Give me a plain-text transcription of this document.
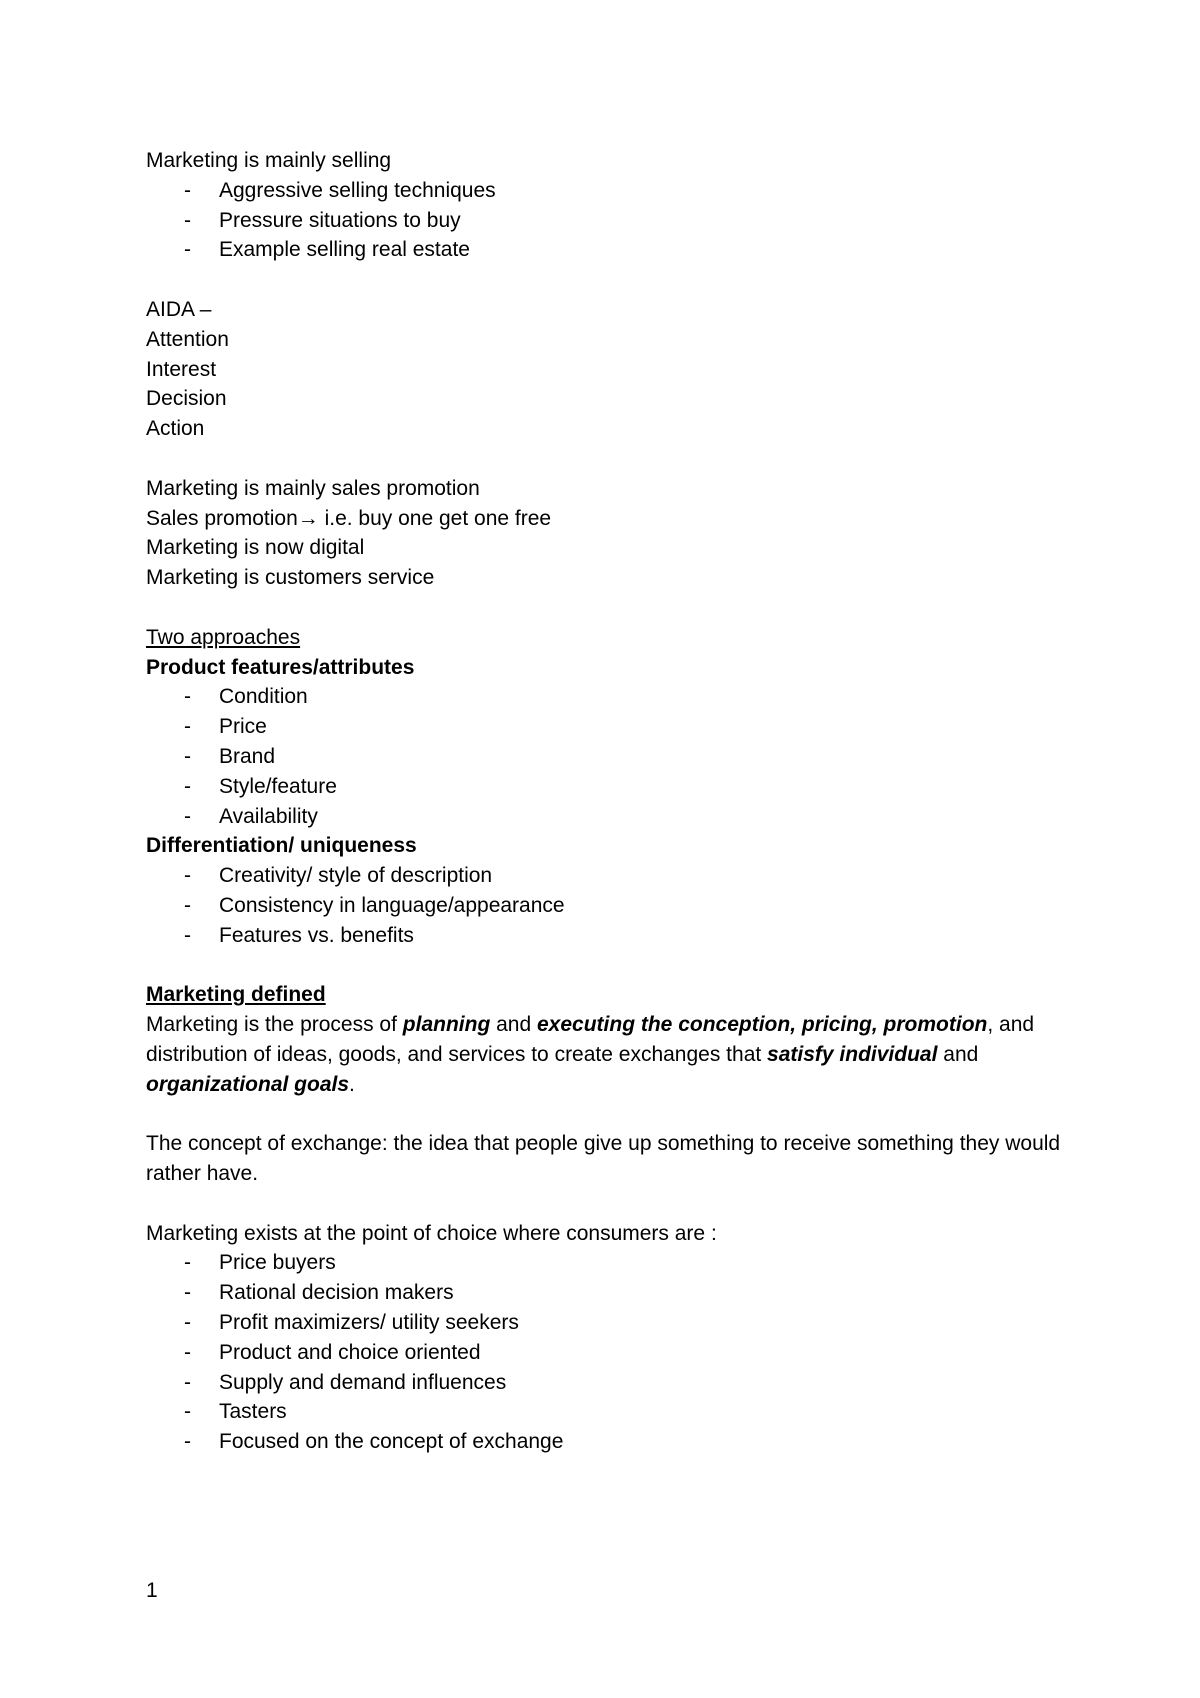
Marketing is mainly selling
- Aggressive selling techniques
- Pressure situations to buy
- Example selling real estate
AIDA –
Attention
Interest
Decision
Action
Marketing is mainly sales promotion
Sales promotion→ i.e. buy one get one free
Marketing is now digital
Marketing is customers service
Two approaches
Product features/attributes
- Condition
- Price
- Brand
- Style/feature
- Availability
Differentiation/ uniqueness
- Creativity/ style of description
- Consistency in language/appearance
- Features vs. benefits
Marketing defined
Marketing is the process of planning and executing the conception, pricing, promotion, and distribution of ideas, goods, and services to create exchanges that satisfy individual and organizational goals.
The concept of exchange: the idea that people give up something to receive something they would rather have.
Marketing exists at the point of choice where consumers are :
- Price buyers
- Rational decision makers
- Profit maximizers/ utility seekers
- Product and choice oriented
- Supply and demand influences
- Tasters
- Focused on the concept of exchange
1
